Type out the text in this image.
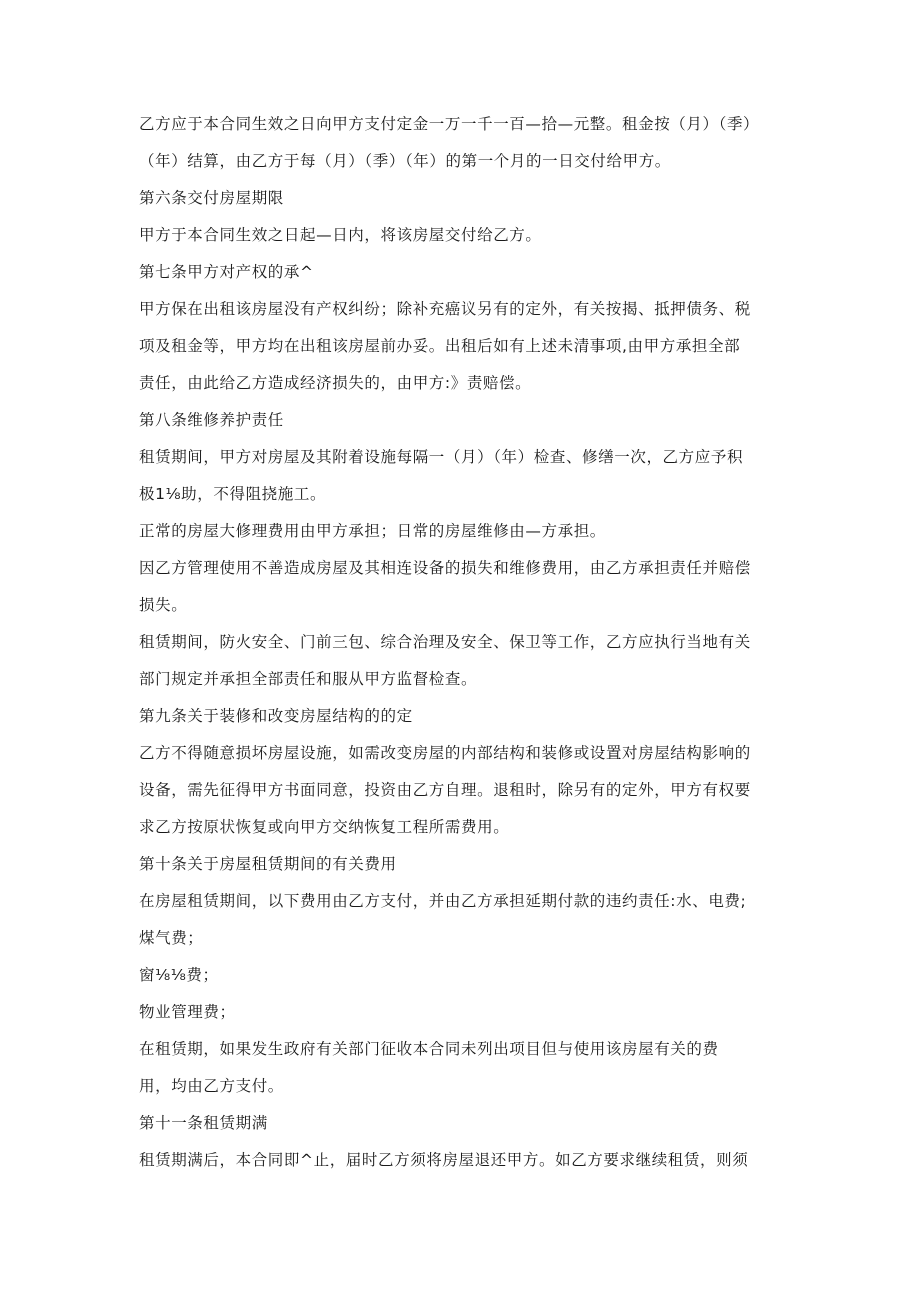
乙方应于本合同生效之日向甲方支付定金一万一千一百—拾—元整。租金按（月）（季）

（年）结算，由乙方于每（月）（季）（年）的第一个月的一日交付给甲方。

第六条交付房屋期限

甲方于本合同生效之日起—日内，将该房屋交付给乙方。

第七条甲方对产权的承^

甲方保在出租该房屋没有产权纠纷；除补充癌议另有的定外，有关按揭、抵押债务、税

项及租金等，甲方均在出租该房屋前办妥。出租后如有上述未清事项,由甲方承担全部

责任，由此给乙方造成经济损失的，由甲方:》责赔偿。

第八条维修养护责任

租赁期间，甲方对房屋及其附着设施每隔一（月）（年）检查、修缮一次，乙方应予积

极1⅛助，不得阻挠施工。

正常的房屋大修理费用由甲方承担；日常的房屋维修由—方承担。

因乙方管理使用不善造成房屋及其相连设备的损失和维修费用，由乙方承担责任并赔偿

损失。

租赁期间，防火安全、门前三包、综合治理及安全、保卫等工作，乙方应执行当地有关

部门规定并承担全部责任和服从甲方监督检查。

第九条关于装修和改变房屋结构的的定

乙方不得随意损坏房屋设施，如需改变房屋的内部结构和装修或设置对房屋结构影响的

设备，需先征得甲方书面同意，投资由乙方自理。退租时，除另有的定外，甲方有权要

求乙方按原状恢复或向甲方交纳恢复工程所需费用。

第十条关于房屋租赁期间的有关费用

在房屋租赁期间，以下费用由乙方支付，并由乙方承担延期付款的违约责任:水、电费;

煤气费；

窗⅛⅛费；

物业管理费；

在租赁期，如果发生政府有关部门征收本合同未列出项目但与使用该房屋有关的费

用，均由乙方支付。

第十一条租赁期满

租赁期满后，本合同即^止，届时乙方须将房屋退还甲方。如乙方要求继续租赁，则须
